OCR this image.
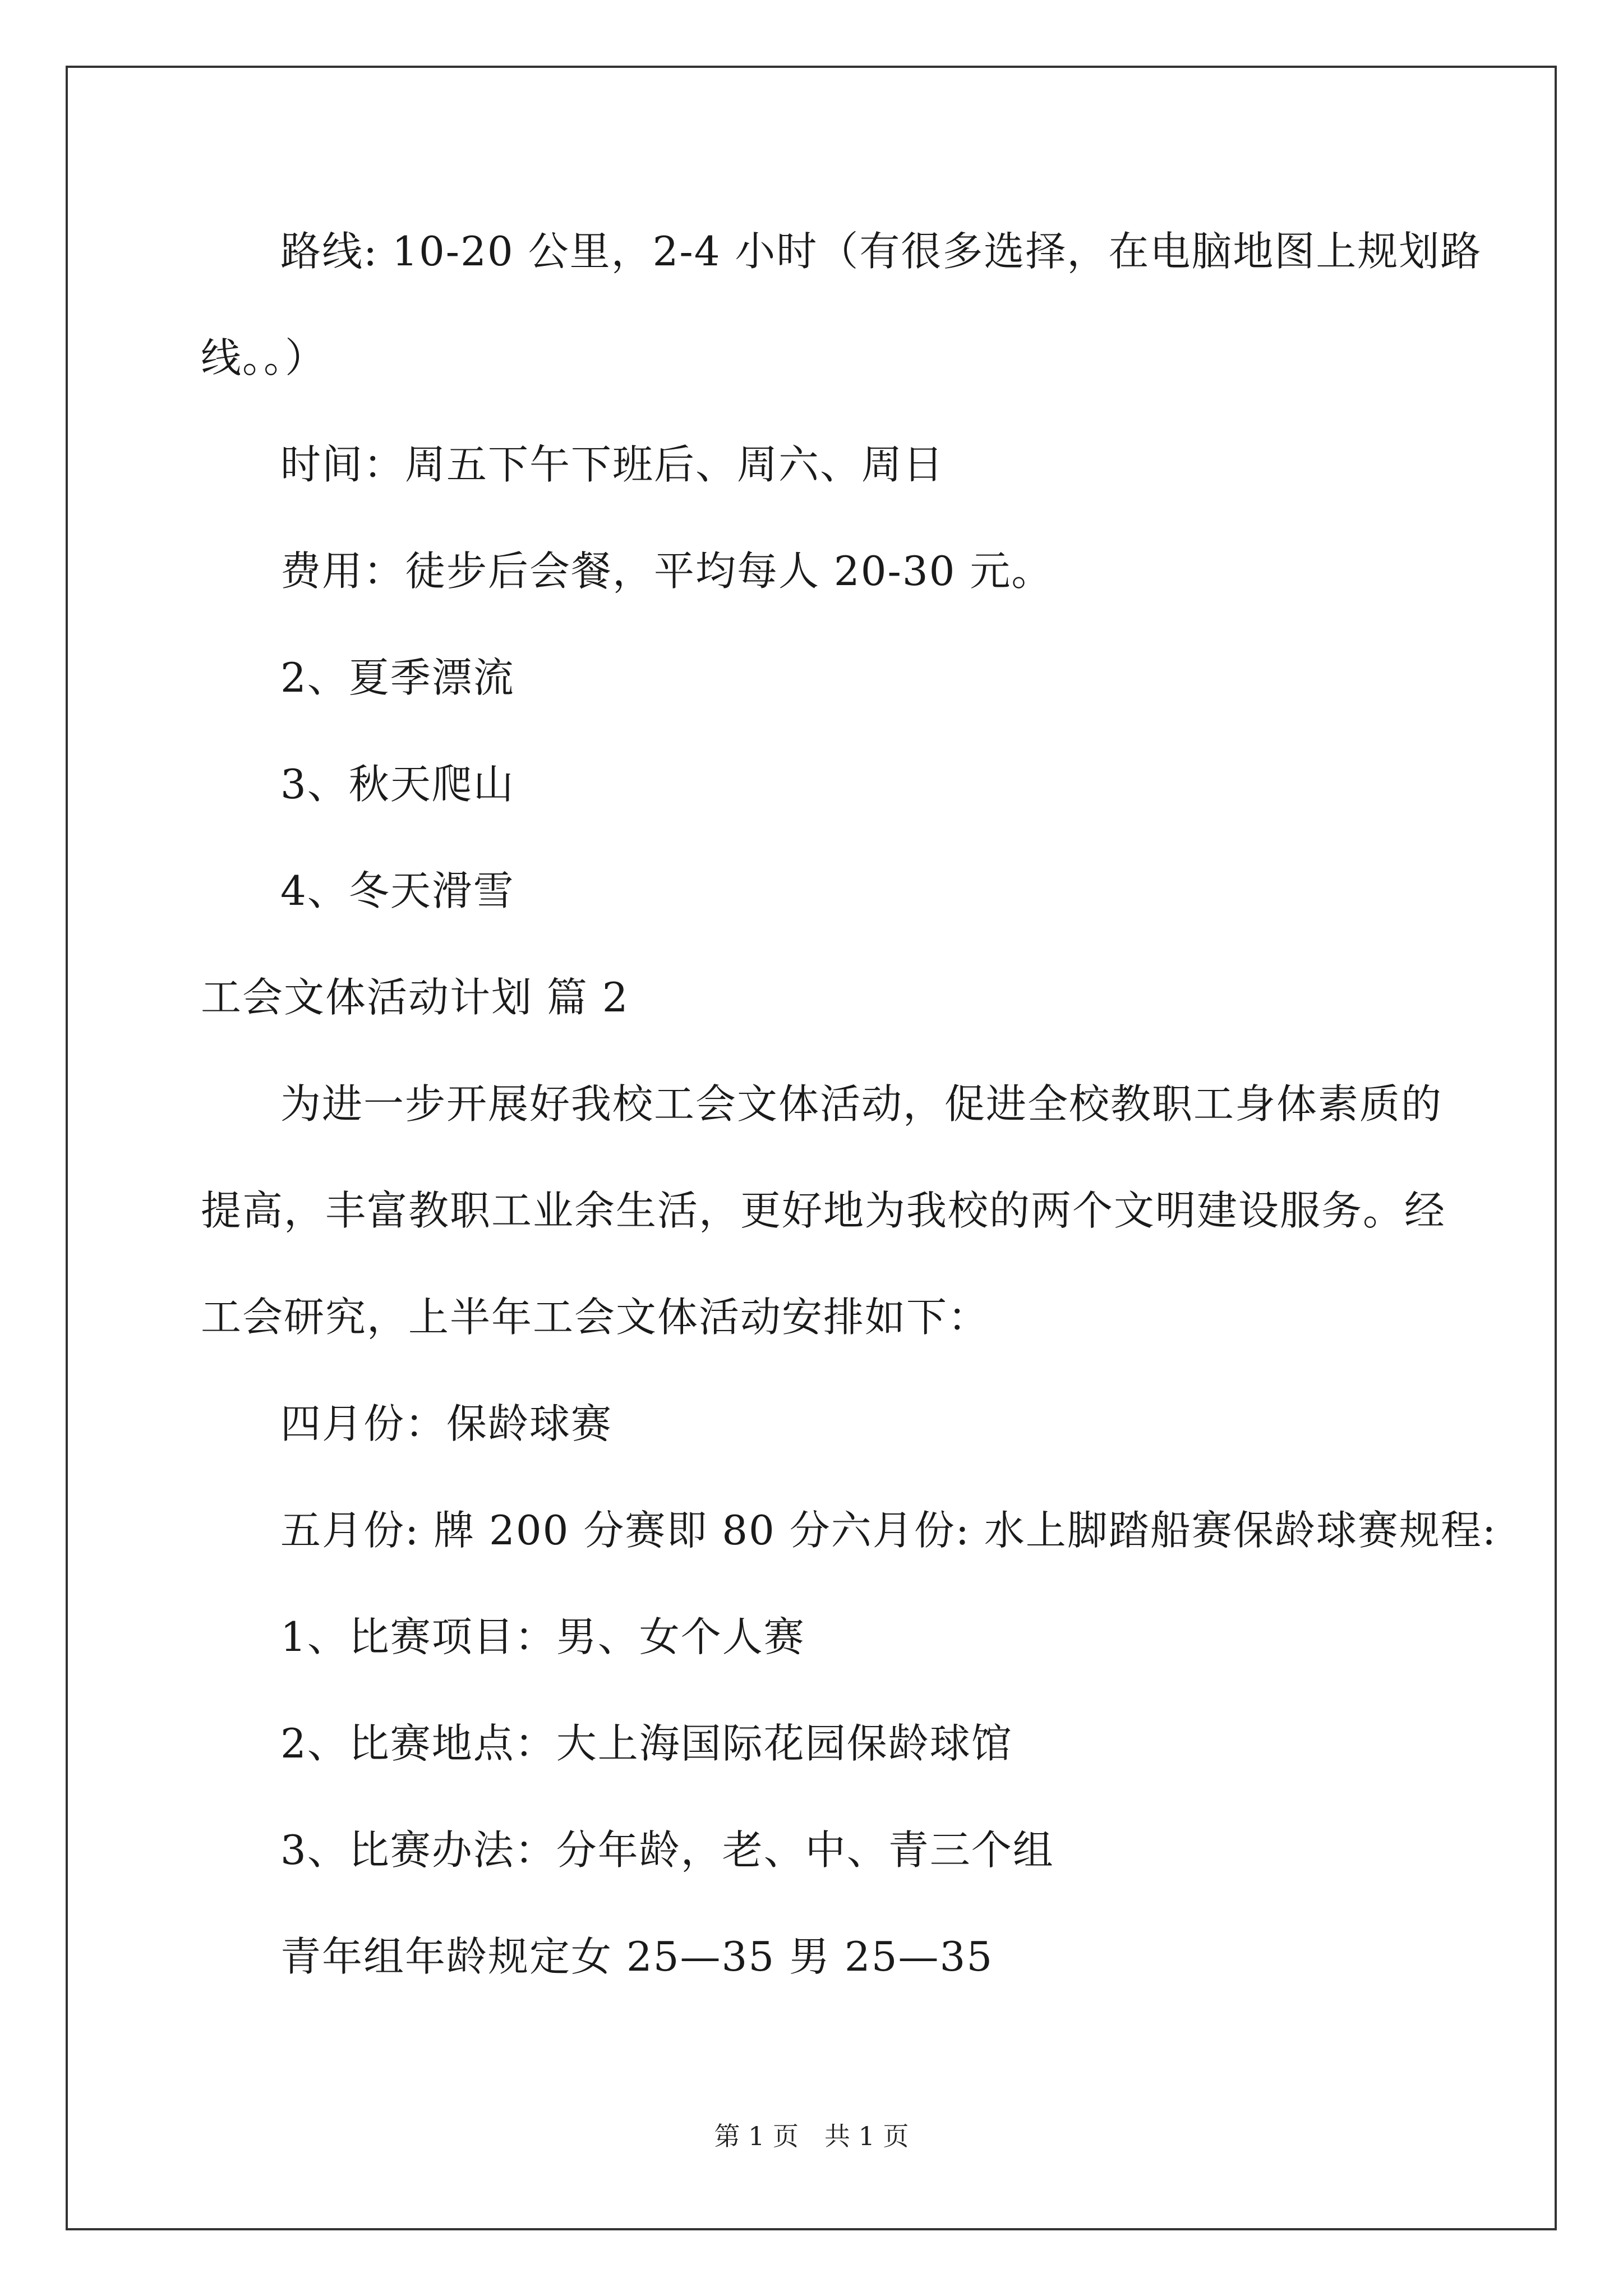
路线: 10-20 公里，2-4 小时（有很多选择，在电脑地图上规划路
线。。）
时间：周五下午下班后、周六、周日
费用：徒步后会餐，平均每人 20-30 元。
2、夏季漂流
3、秋天爬山
4、冬天滑雪
工会文体活动计划 篇 2
为进一步开展好我校工会文体活动，促进全校教职工身体素质的
提高，丰富教职工业余生活，更好地为我校的两个文明建设服务。经
工会研究，上半年工会文体活动安排如下：
四月份：保龄球赛
五月份: 牌 200 分赛即 80 分六月份: 水上脚踏船赛保龄球赛规程:
1、比赛项目：男、女个人赛
2、比赛地点：大上海国际花园保龄球馆
3、比赛办法：分年龄，老、中、青三个组
青年组年龄规定女 25—35 男 25—35
第 1 页　共 1 页
